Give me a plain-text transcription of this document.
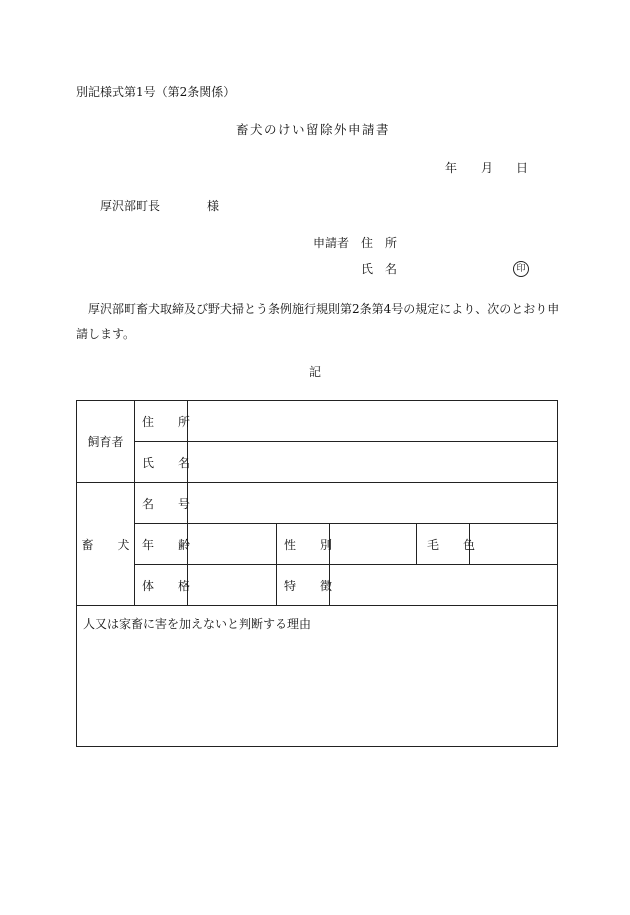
別記様式第1号（第2条関係）
畜犬のけい留除外申請書
年 月 日
厚沢部町長	様
申請者 住　所
氏　名	印
厚沢部町畜犬取締及び野犬掃とう条例施行規則第2条第4号の規定により、次のとおり申
請します。
記
飼育者	住　　所					
	氏　　名					
畜　　犬	名　　号					
	年　　齢		性　　別		毛　　色	
	体　　格		特　　徴			
人又は家畜に害を加えないと判断する理由						
